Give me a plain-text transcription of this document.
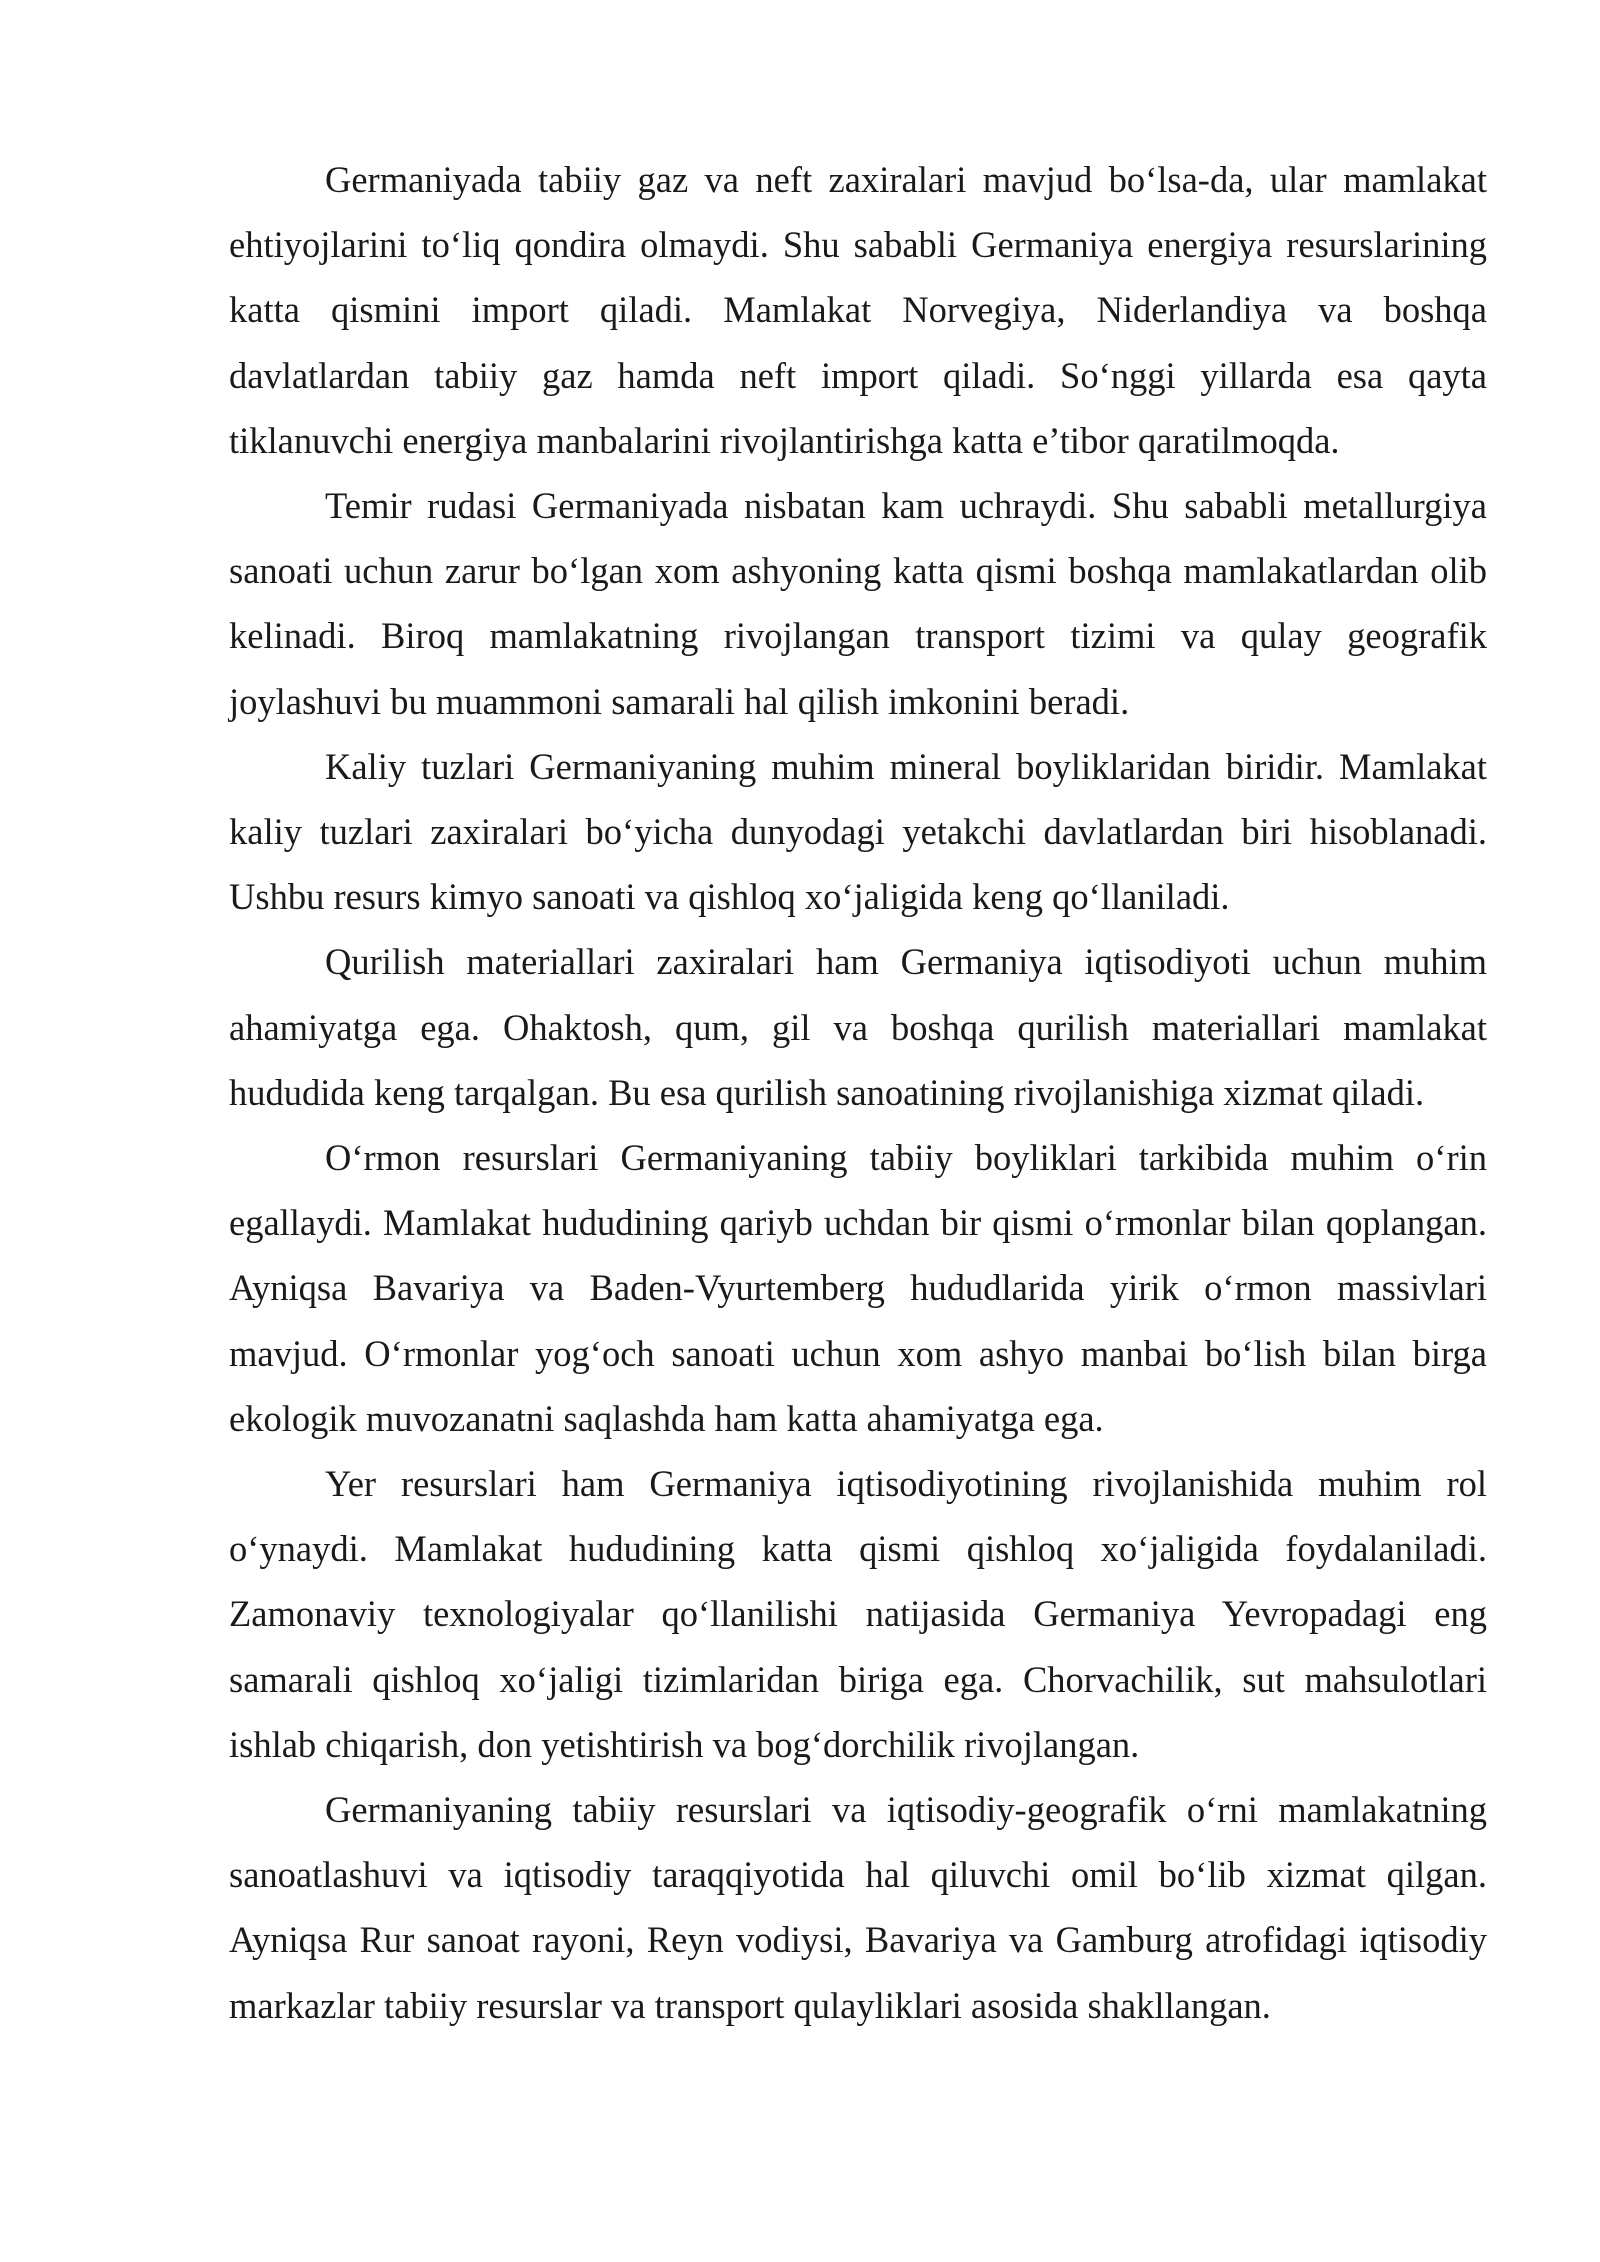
Germaniyada tabiiy gaz va neft zaxiralari mavjud bo‘lsa-da, ular mamlakat ehtiyojlarini to‘liq qondira olmaydi. Shu sababli Germaniya energiya resurslarining katta qismini import qiladi. Mamlakat Norvegiya, Niderlandiya va boshqa davlatlardan tabiiy gaz hamda neft import qiladi. So‘nggi yillarda esa qayta tiklanuvchi energiya manbalarini rivojlantirishga katta e’tibor qaratilmoqda.

Temir rudasi Germaniyada nisbatan kam uchraydi. Shu sababli metallurgiya sanoati uchun zarur bo‘lgan xom ashyoning katta qismi boshqa mamlakatlardan olib kelinadi. Biroq mamlakatning rivojlangan transport tizimi va qulay geografik joylashuvi bu muammoni samarali hal qilish imkonini beradi.

Kaliy tuzlari Germaniyaning muhim mineral boyliklaridan biridir. Mamlakat kaliy tuzlari zaxiralari bo‘yicha dunyodagi yetakchi davlatlardan biri hisoblanadi. Ushbu resurs kimyo sanoati va qishloq xo‘jaligida keng qo‘llaniladi.

Qurilish materiallari zaxiralari ham Germaniya iqtisodiyoti uchun muhim ahamiyatga ega. Ohaktosh, qum, gil va boshqa qurilish materiallari mamlakat hududida keng tarqalgan. Bu esa qurilish sanoatining rivojlanishiga xizmat qiladi.

O‘rmon resurslari Germaniyaning tabiiy boyliklari tarkibida muhim o‘rin egallaydi. Mamlakat hududining qariyb uchdan bir qismi o‘rmonlar bilan qoplangan. Ayniqsa Bavariya va Baden-Vyurtemberg hududlarida yirik o‘rmon massivlari mavjud. O‘rmonlar yog‘och sanoati uchun xom ashyo manbai bo‘lish bilan birga ekologik muvozanatni saqlashda ham katta ahamiyatga ega.

Yer resurslari ham Germaniya iqtisodiyotining rivojlanishida muhim rol o‘ynaydi. Mamlakat hududining katta qismi qishloq xo‘jaligida foydalaniladi. Zamonaviy texnologiyalar qo‘llanilishi natijasida Germaniya Yevropadagi eng samarali qishloq xo‘jaligi tizimlaridan biriga ega. Chorvachilik, sut mahsulotlari ishlab chiqarish, don yetishtirish va bog‘dorchilik rivojlangan.

Germaniyaning tabiiy resurslari va iqtisodiy-geografik o‘rni mamlakatning sanoatlashuvi va iqtisodiy taraqqiyotida hal qiluvchi omil bo‘lib xizmat qilgan. Ayniqsa Rur sanoat rayoni, Reyn vodiysi, Bavariya va Gamburg atrofidagi iqtisodiy markazlar tabiiy resurslar va transport qulayliklari asosida shakllangan.
